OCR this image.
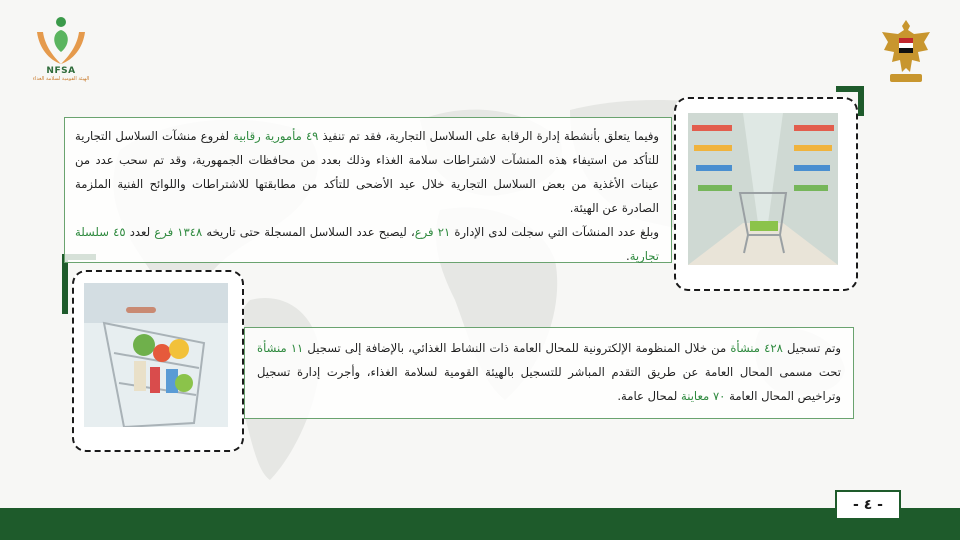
NFSA
الهيئة القومية لسلامة الغذاء

وفيما يتعلق بأنشطة إدارة الرقابة على السلاسل التجارية، فقد تم تنفيذ ٤٩ مأمورية رقابية لفروع منشآت السلاسل التجارية للتأكد من استيفاء هذه المنشآت لاشتراطات سلامة الغذاء وذلك بعدد من محافظات الجمهورية، وقد تم سحب عدد من عينات الأغذية من بعض السلاسل التجارية خلال عيد الأضحى للتأكد من مطابقتها للاشتراطات واللوائح الفنية الملزمة الصادرة عن الهيئة.

وبلغ عدد المنشآت التي سجلت لدى الإدارة ٢١ فرع، ليصبح عدد السلاسل المسجلة حتى تاريخه ١٣٤٨ فرع لعدد ٤٥ سلسلة تجارية.

وتم تسجيل ٤٢٨ منشأة من خلال المنظومة الإلكترونية للمحال العامة ذات النشاط الغذائي، بالإضافة إلى تسجيل ١١ منشأة تحت مسمى المحال العامة عن طريق التقدم المباشر للتسجيل بالهيئة القومية لسلامة الغذاء، وأجرت إدارة تسجيل وتراخيص المحال العامة ٧٠ معاينة لمحال عامة.

- ٤ -
